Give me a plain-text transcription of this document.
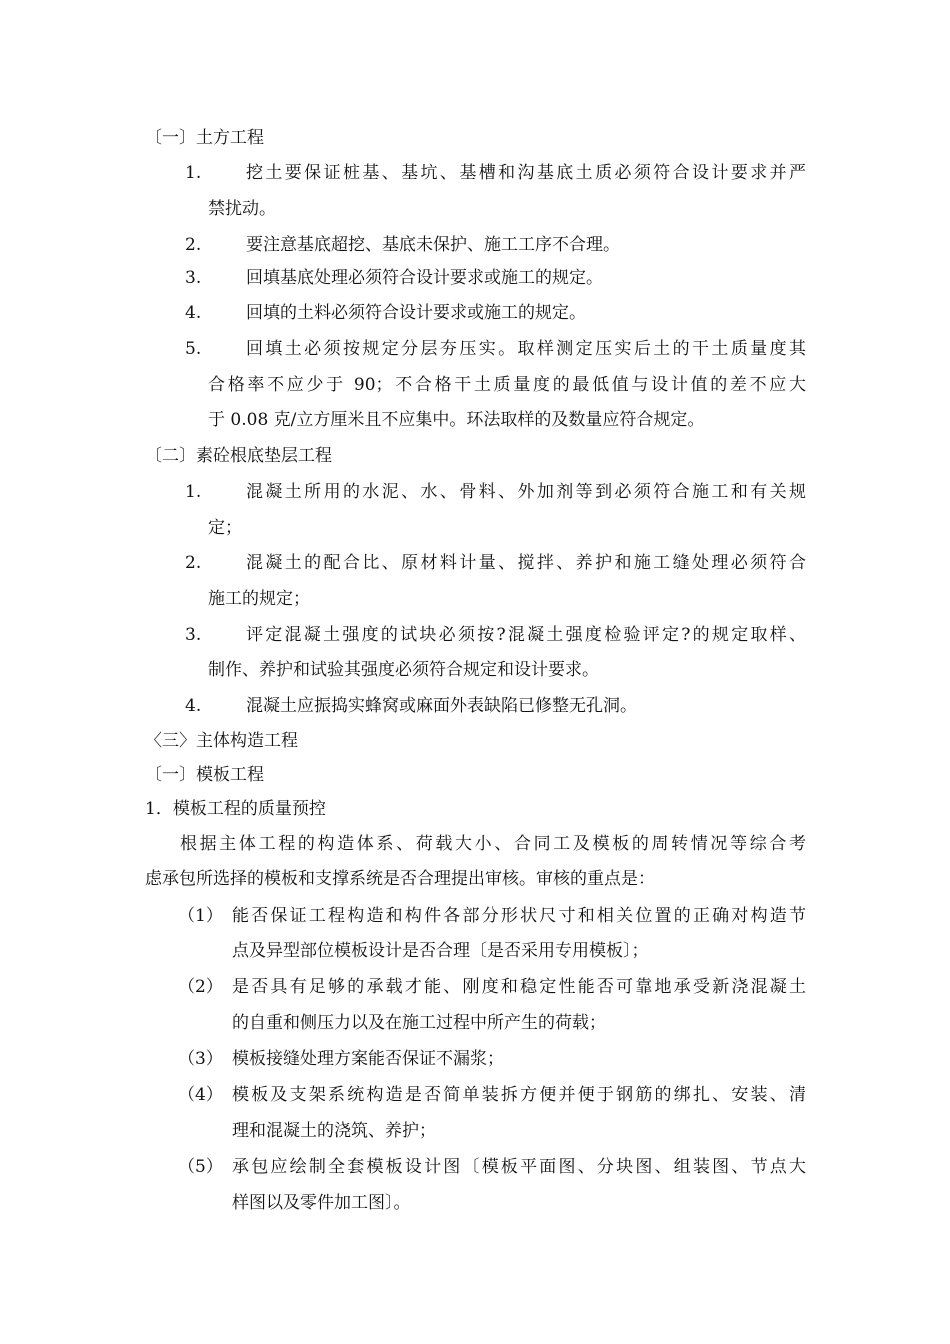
〔一〕土方工程
1.	挖土要保证桩基、基坑、基槽和沟基底土质必须符合设计要求并严
禁扰动。
2.	要注意基底超挖、基底未保护、施工工序不合理。
3.	回填基底处理必须符合设计要求或施工的规定。
4.	回填的土料必须符合设计要求或施工的规定。
5.	回填土必须按规定分层夯压实。取样测定压实后土的干土质量度其
合格率不应少于 90；不合格干土质量度的最低值与设计值的差不应大
于 0.08 克/立方厘米且不应集中。环法取样的及数量应符合规定。
〔二〕素砼根底垫层工程
1.	混凝土所用的水泥、水、骨料、外加剂等到必须符合施工和有关规
定；
2.	混凝土的配合比、原材料计量、搅拌、养护和施工缝处理必须符合
施工的规定；
3.	评定混凝土强度的试块必须按?混凝土强度检验评定?的规定取样、
制作、养护和试验其强度必须符合规定和设计要求。
4.	混凝土应振捣实蜂窝或麻面外表缺陷已修整无孔洞。
〈三〉主体构造工程
〔一〕模板工程
1．模板工程的质量预控
根据主体工程的构造体系、荷载大小、合同工及模板的周转情况等综合考
虑承包所选择的模板和支撑系统是否合理提出审核。审核的重点是：
（1） 能否保证工程构造和构件各部分形状尺寸和相关位置的正确对构造节
点及异型部位模板设计是否合理〔是否采用专用模板〕；
（2） 是否具有足够的承载才能、刚度和稳定性能否可靠地承受新浇混凝土
的自重和侧压力以及在施工过程中所产生的荷载；
（3） 模板接缝处理方案能否保证不漏浆；
（4） 模板及支架系统构造是否简单装拆方便并便于钢筋的绑扎、安装、清
理和混凝土的浇筑、养护；
（5） 承包应绘制全套模板设计图〔模板平面图、分块图、组装图、节点大
样图以及零件加工图〕。
